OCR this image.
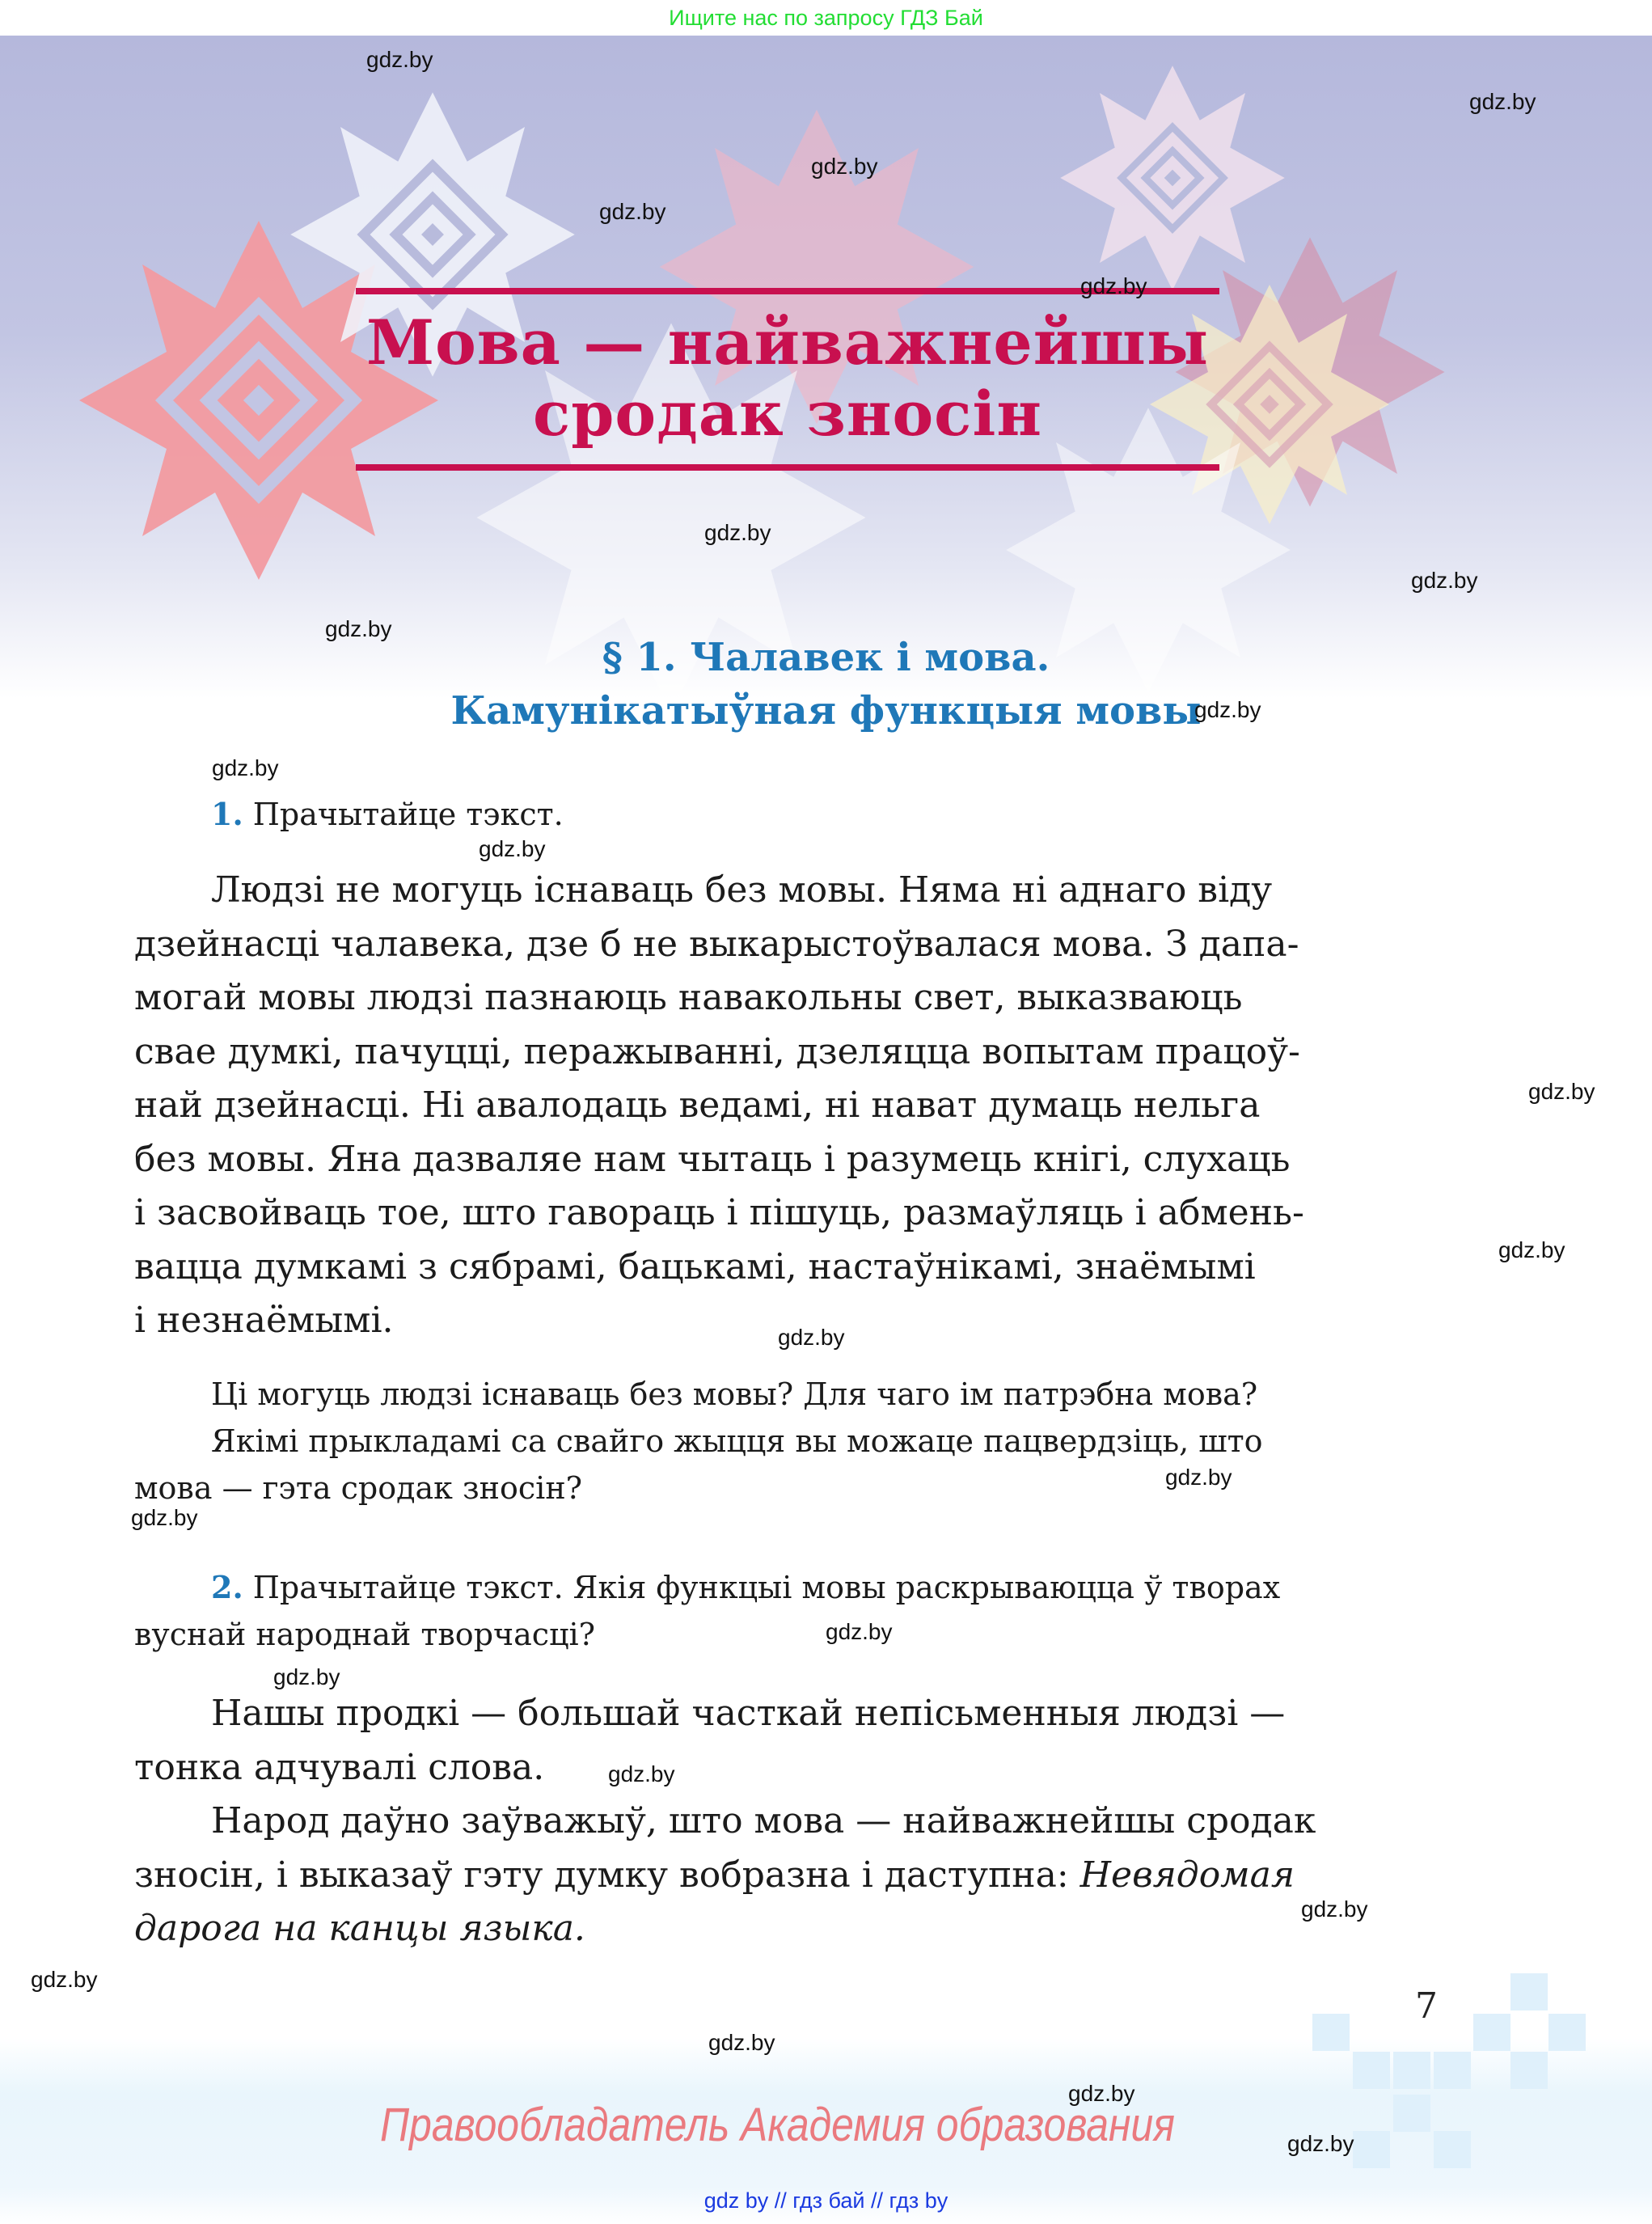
Ищите нас по запросу ГДЗ Бай
Мова — найважнейшы
сродак зносін
§ 1. Чалавек і мова.
Камунікатыўная функцыя мовы
1. Прачытайце тэкст.
Людзі не могуць існаваць без мовы. Няма ні аднаго віду
дзейнасці чалавека, дзе б не выкарыстоўвалася мова. З дапа-
могай мовы людзі пазнаюць навакольны свет, выказваюць
свае думкі, пачуцці, перажыванні, дзеляцца вопытам працоў-
най дзейнасці. Ні авалодаць ведамі, ні нават думаць нельга
без мовы. Яна дазваляе нам чытаць і разумець кнігі, слухаць
і засвойваць тое, што гавораць і пішуць, размаўляць і абмень-
вацца думкамі з сябрамі, бацькамі, настаўнікамі, знаёмымі
і незнаёмымі.
Ці могуць людзі існаваць без мовы? Для чаго ім патрэбна мова?
Якімі прыкладамі са свайго жыцця вы можаце пацвердзіць, што
мова — гэта сродак зносін?
2. Прачытайце тэкст. Якія функцыі мовы раскрываюцца ў творах
вуснай народнай творчасці?
Нашы продкі — большай часткай непісьменныя людзі —
тонка адчувалі слова.
Народ даўно заўважыў, што мова — найважнейшы сродак
зносін, і выказаў гэту думку вобразна і даступна: Невядомая
дарога на канцы языка.
7
Правообладатель Академия образования
gdz by // гдз бай // гдз by
gdz.by
gdz.by
gdz.by
gdz.by
gdz.by
gdz.by
gdz.by
gdz.by
gdz.by
gdz.by
gdz.by
gdz.by
gdz.by
gdz.by
gdz.by
gdz.by
gdz.by
gdz.by
gdz.by
gdz.by
gdz.by
gdz.by
gdz.by
gdz.by
